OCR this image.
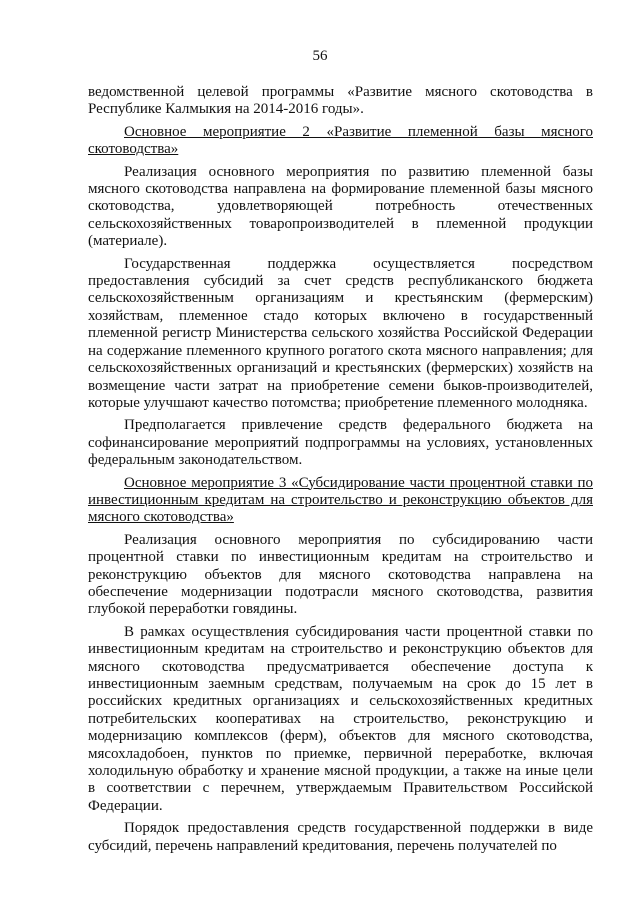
56

ведомственной целевой программы «Развитие мясного скотоводства в Республике Калмыкия на 2014-2016 годы».

Основное мероприятие 2 «Развитие племенной базы мясного скотоводства»

Реализация основного мероприятия по развитию племенной базы мясного скотоводства направлена на формирование племенной базы мясного скотоводства, удовлетворяющей потребность отечественных сельскохозяйственных товаропроизводителей в племенной продукции (материале).

Государственная поддержка осуществляется посредством предоставления субсидий за счет средств республиканского бюджета сельскохозяйственным организациям и крестьянским (фермерским) хозяйствам, племенное стадо которых включено в государственный племенной регистр Министерства сельского хозяйства Российской Федерации на содержание племенного крупного рогатого скота мясного направления; для сельскохозяйственных организаций и крестьянских (фермерских) хозяйств на возмещение части затрат на приобретение семени быков-производителей, которые улучшают качество потомства; приобретение племенного молодняка.

Предполагается привлечение средств федерального бюджета на софинансирование мероприятий подпрограммы на условиях, установленных федеральным законодательством.

Основное мероприятие 3 «Субсидирование части процентной ставки по инвестиционным кредитам на строительство и реконструкцию объектов для мясного скотоводства»

Реализация основного мероприятия по субсидированию части процентной ставки по инвестиционным кредитам на строительство и реконструкцию объектов для мясного скотоводства направлена на обеспечение модернизации подотрасли мясного скотоводства, развития глубокой переработки говядины.

В рамках осуществления субсидирования части процентной ставки по инвестиционным кредитам на строительство и реконструкцию объектов для мясного скотоводства предусматривается обеспечение доступа к инвестиционным заемным средствам, получаемым на срок до 15 лет в российских кредитных организациях и сельскохозяйственных кредитных потребительских кооперативах на строительство, реконструкцию и модернизацию комплексов (ферм), объектов для мясного скотоводства, мясохладобоен, пунктов по приемке, первичной переработке, включая холодильную обработку и хранение мясной продукции, а также на иные цели в соответствии с перечнем, утверждаемым Правительством Российской Федерации.

Порядок предоставления средств государственной поддержки в виде субсидий, перечень направлений кредитования, перечень получателей по
